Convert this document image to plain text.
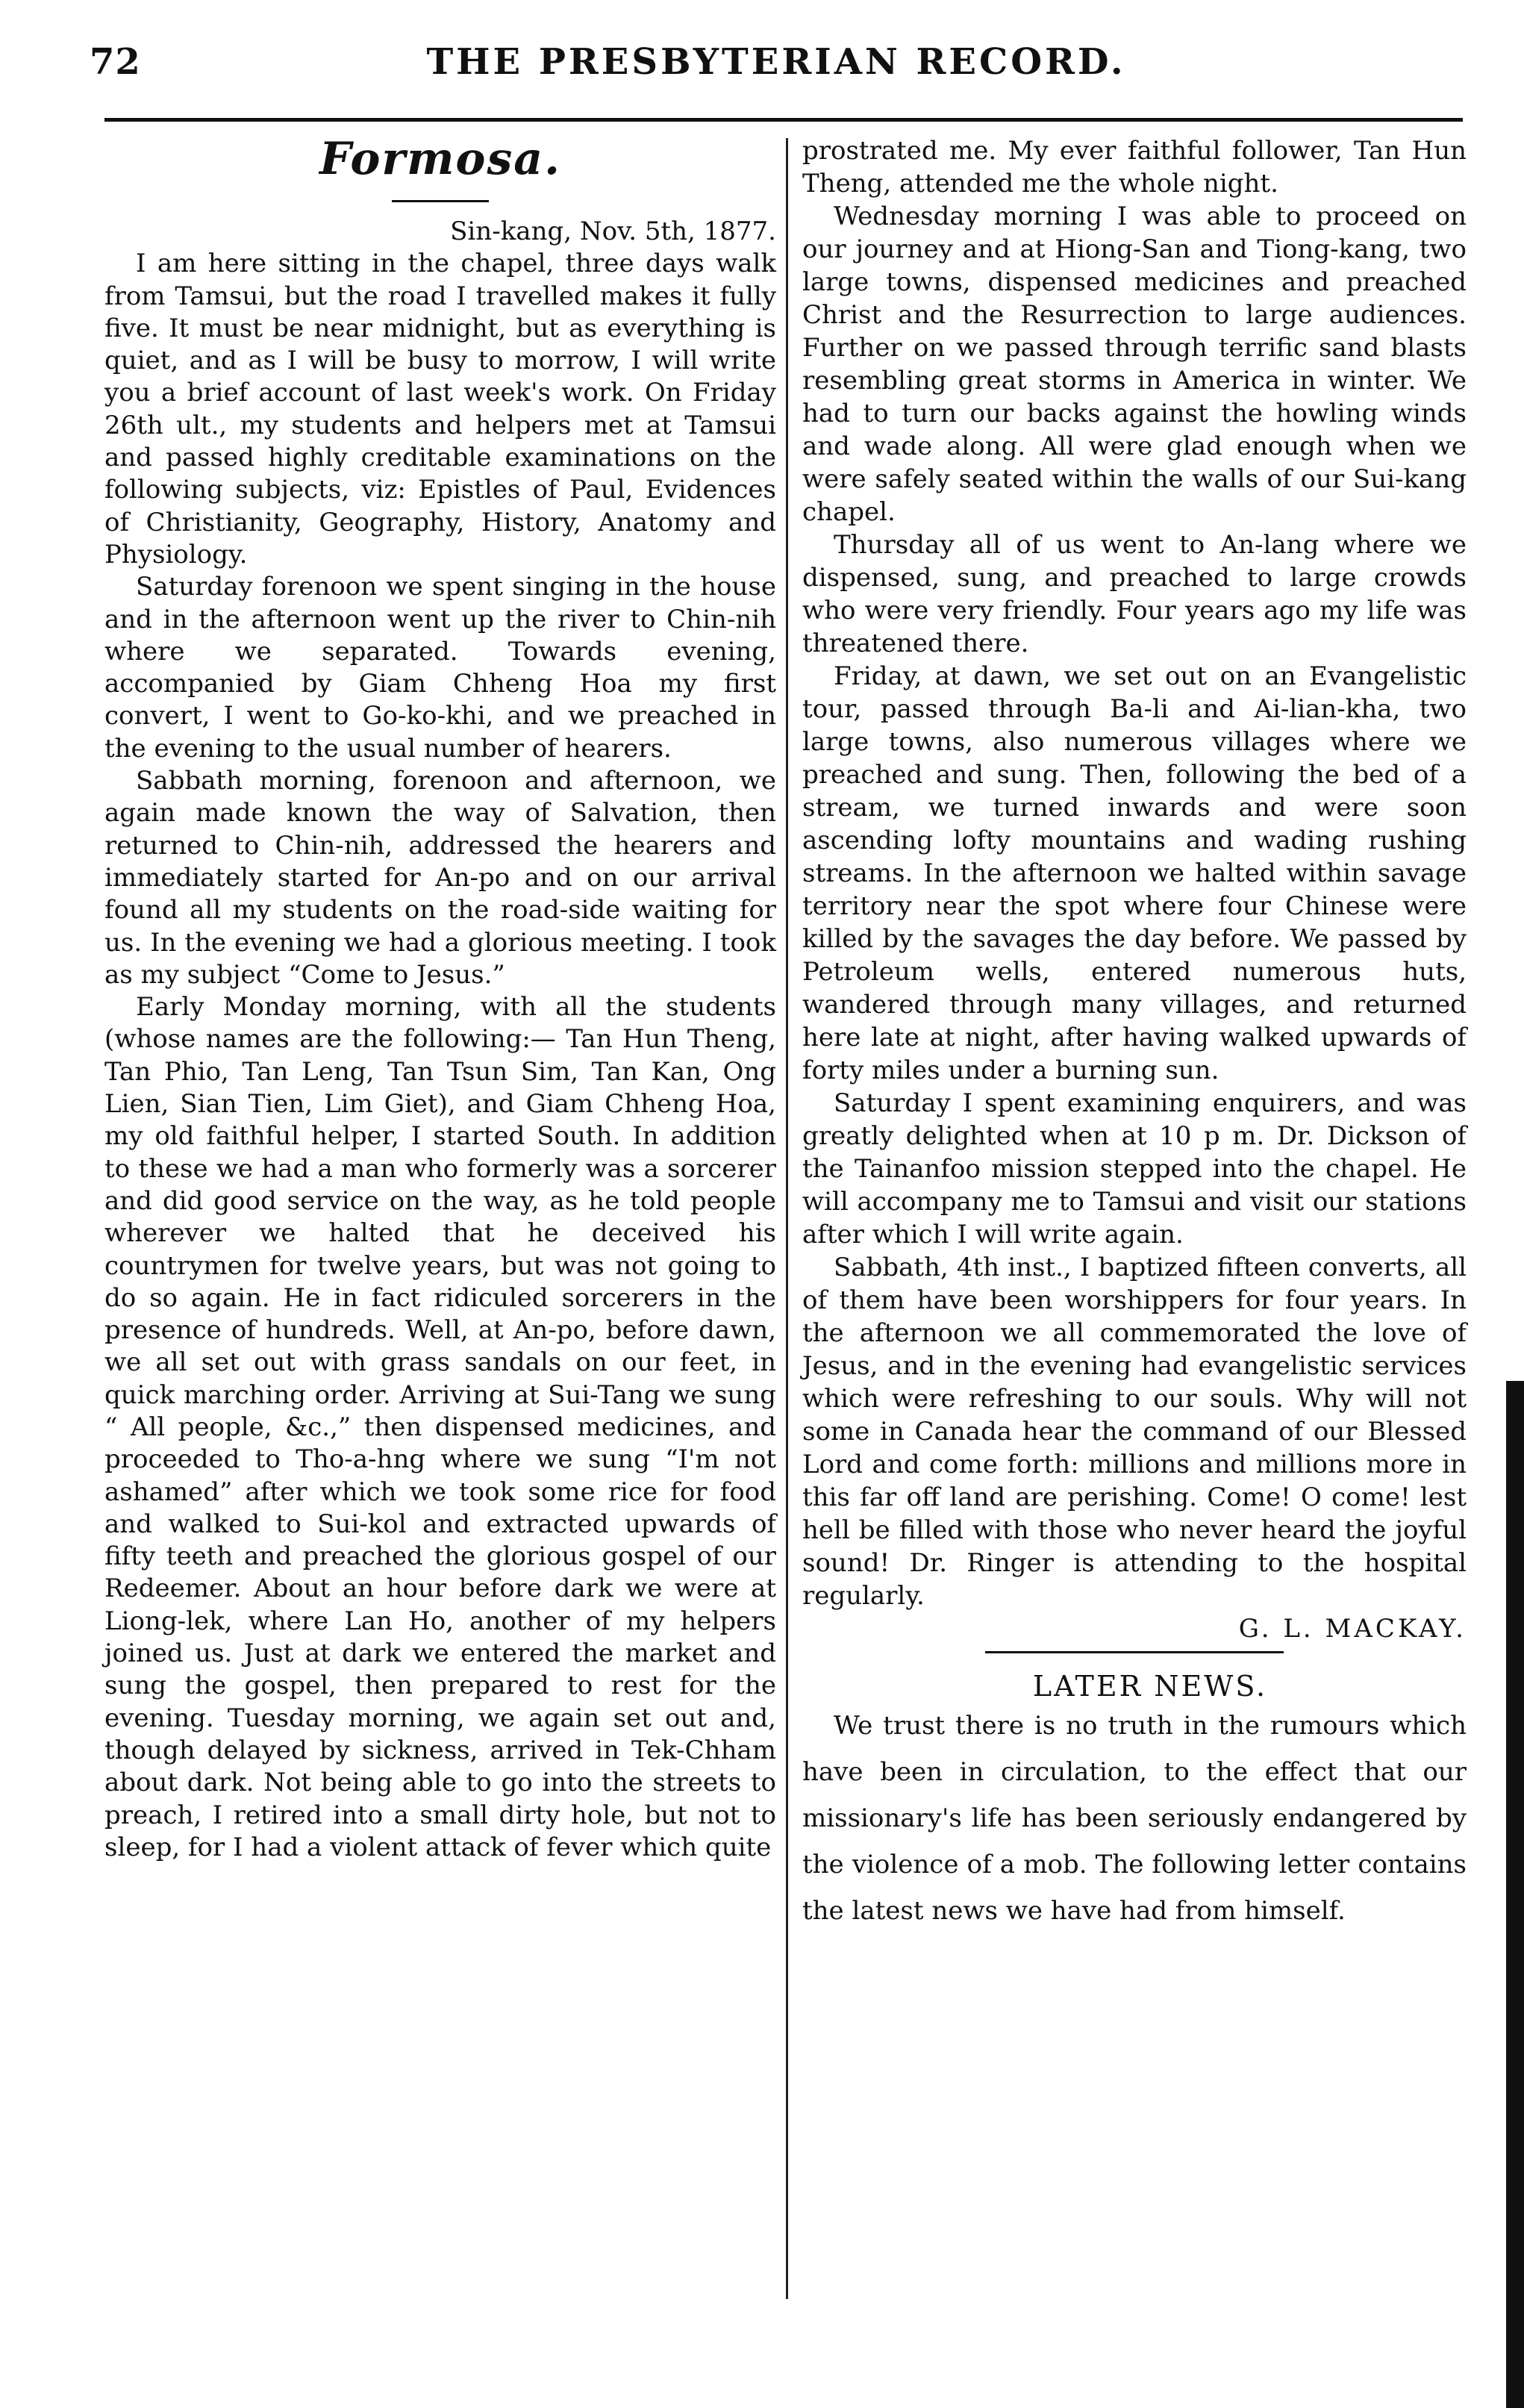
72	THE PRESBYTERIAN RECORD.
Formosa.

Sin-kang, Nov. 5th, 1877.

I am here sitting in the chapel, three days walk from Tamsui, but the road I travelled makes it fully five. It must be near midnight, but as everything is quiet, and as I will be busy to morrow, I will write you a brief account of last week's work. On Friday 26th ult., my students and helpers met at Tamsui and passed highly creditable examinations on the following subjects, viz: Epistles of Paul, Evidences of Christianity, Geography, History, Anatomy and Physiology.

Saturday forenoon we spent singing in the house and in the afternoon went up the river to Chin-nih where we separated. Towards evening, accompanied by Giam Chheng Hoa my first convert, I went to Go-ko-khi, and we preached in the evening to the usual number of hearers.

Sabbath morning, forenoon and afternoon, we again made known the way of Salvation, then returned to Chin-nih, addressed the hearers and immediately started for An-po and on our arrival found all my students on the road-side waiting for us. In the evening we had a glorious meeting. I took as my subject “Come to Jesus.”

Early Monday morning, with all the students (whose names are the following:— Tan Hun Theng, Tan Phio, Tan Leng, Tan Tsun Sim, Tan Kan, Ong Lien, Sian Tien, Lim Giet), and Giam Chheng Hoa, my old faithful helper, I started South. In addition to these we had a man who formerly was a sorcerer and did good service on the way, as he told people wherever we halted that he deceived his countrymen for twelve years, but was not going to do so again. He in fact ridiculed sorcerers in the presence of hundreds. Well, at An-po, before dawn, we all set out with grass sandals on our feet, in quick marching order. Arriving at Sui-Tang we sung “ All people, &c.,” then dispensed medicines, and proceeded to Tho-a-hng where we sung “I'm not ashamed” after which we took some rice for food and walked to Sui-kol and extracted upwards of fifty teeth and preached the glorious gospel of our Redeemer. About an hour before dark we were at Liong-lek, where Lan Ho, another of my helpers joined us. Just at dark we entered the market and sung the gospel, then prepared to rest for the evening. Tuesday morning, we again set out and, though delayed by sickness, arrived in Tek-Chham about dark. Not being able to go into the streets to preach, I retired into a small dirty hole, but not to sleep, for I had a violent attack of fever which quite

prostrated me. My ever faithful follower, Tan Hun Theng, attended me the whole night.

Wednesday morning I was able to proceed on our journey and at Hiong-San and Tiong-kang, two large towns, dispensed medicines and preached Christ and the Resurrection to large audiences. Further on we passed through terrific sand blasts resembling great storms in America in winter. We had to turn our backs against the howling winds and wade along. All were glad enough when we were safely seated within the walls of our Sui-kang chapel.

Thursday all of us went to An-lang where we dispensed, sung, and preached to large crowds who were very friendly. Four years ago my life was threatened there.

Friday, at dawn, we set out on an Evangelistic tour, passed through Ba-li and Ai-lian-kha, two large towns, also numerous villages where we preached and sung. Then, following the bed of a stream, we turned inwards and were soon ascending lofty mountains and wading rushing streams. In the afternoon we halted within savage territory near the spot where four Chinese were killed by the savages the day before. We passed by Petroleum wells, entered numerous huts, wandered through many villages, and returned here late at night, after having walked upwards of forty miles under a burning sun.

Saturday I spent examining enquirers, and was greatly delighted when at 10 p m. Dr. Dickson of the Tainanfoo mission stepped into the chapel. He will accompany me to Tamsui and visit our stations after which I will write again.

Sabbath, 4th inst., I baptized fifteen converts, all of them have been worshippers for four years. In the afternoon we all commemorated the love of Jesus, and in the evening had evangelistic services which were refreshing to our souls. Why will not some in Canada hear the command of our Blessed Lord and come forth: millions and millions more in this far off land are perishing. Come! O come! lest hell be filled with those who never heard the joyful sound! Dr. Ringer is attending to the hospital regularly.

G. L. MACKAY.

LATER NEWS.

We trust there is no truth in the rumours which have been in circulation, to the effect that our missionary's life has been seriously endangered by the violence of a mob. The following letter contains the latest news we have had from himself.
